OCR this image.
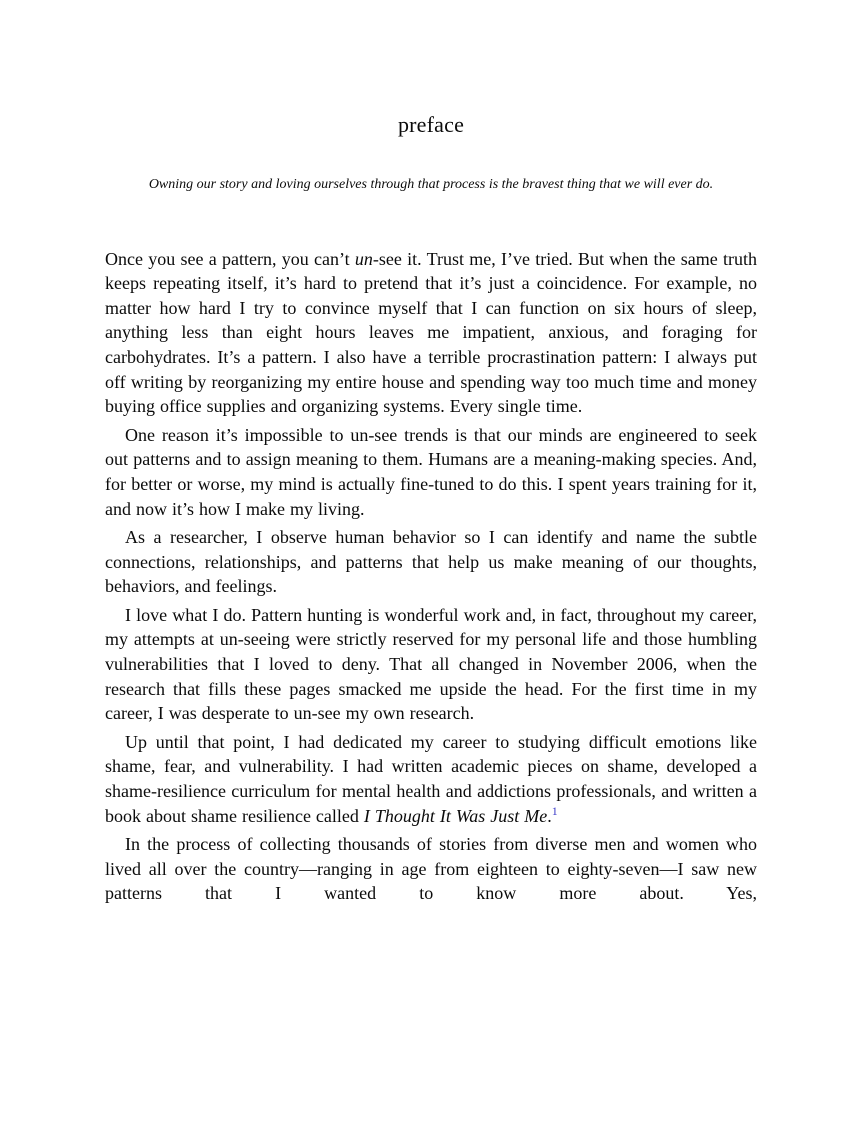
preface

Owning our story and loving ourselves through that process is the bravest thing that we will ever do.

Once you see a pattern, you can’t un-see it. Trust me, I’ve tried. But when the same truth keeps repeating itself, it’s hard to pretend that it’s just a coincidence. For example, no matter how hard I try to convince myself that I can function on six hours of sleep, anything less than eight hours leaves me impatient, anxious, and foraging for carbohydrates. It’s a pattern. I also have a terrible procrastination pattern: I always put off writing by reorganizing my entire house and spending way too much time and money buying office supplies and organizing systems. Every single time.

One reason it’s impossible to un-see trends is that our minds are engineered to seek out patterns and to assign meaning to them. Humans are a meaning-making species. And, for better or worse, my mind is actually fine-tuned to do this. I spent years training for it, and now it’s how I make my living.

As a researcher, I observe human behavior so I can identify and name the subtle connections, relationships, and patterns that help us make meaning of our thoughts, behaviors, and feelings.

I love what I do. Pattern hunting is wonderful work and, in fact, throughout my career, my attempts at un-seeing were strictly reserved for my personal life and those humbling vulnerabilities that I loved to deny. That all changed in November 2006, when the research that fills these pages smacked me upside the head. For the first time in my career, I was desperate to un-see my own research.

Up until that point, I had dedicated my career to studying difficult emotions like shame, fear, and vulnerability. I had written academic pieces on shame, developed a shame-resilience curriculum for mental health and addictions professionals, and written a book about shame resilience called I Thought It Was Just Me.$^1$

In the process of collecting thousands of stories from diverse men and women who lived all over the country—ranging in age from eighteen to eighty-seven—I saw new patterns that I wanted to know more about. Yes,
